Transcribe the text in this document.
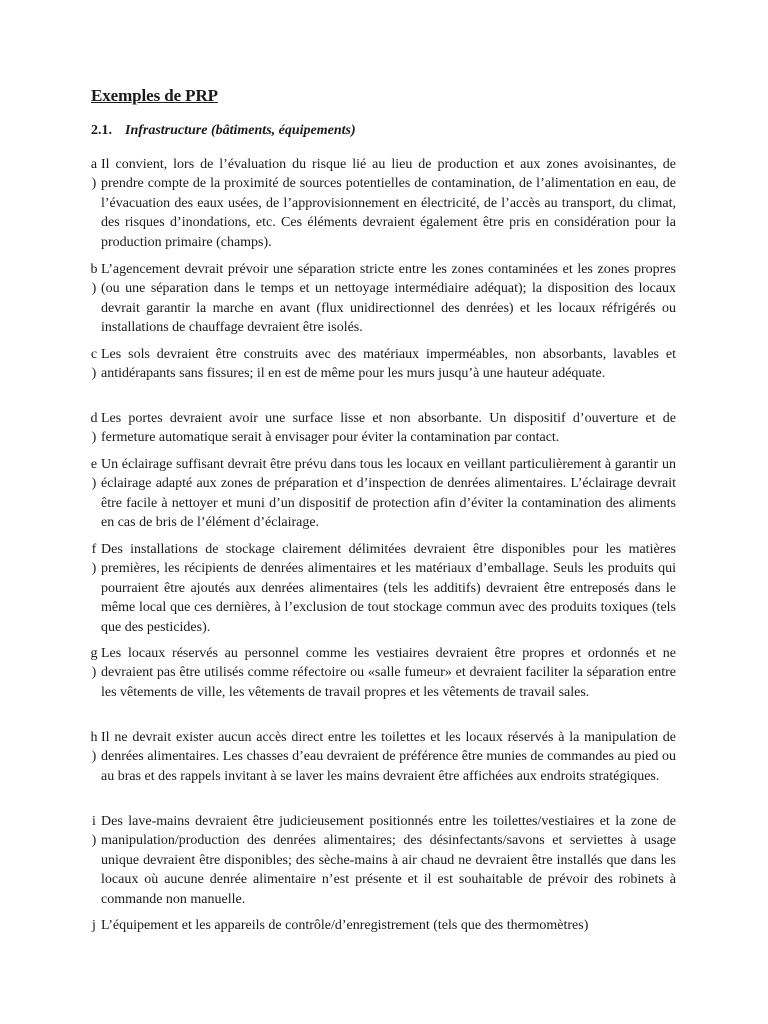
Exemples de PRP
2.1. Infrastructure (bâtiments, équipements)
a
)
Il convient, lors de l’évaluation du risque lié au lieu de production et aux zones avoisinantes, de prendre compte de la proximité de sources potentielles de contamination, de l’alimentation en eau, de l’évacuation des eaux usées, de l’approvisionnement en électricité, de l’accès au transport, du climat, des risques d’inondations, etc. Ces éléments devraient également être pris en considération pour la production primaire (champs).
b
)
L’agencement devrait prévoir une séparation stricte entre les zones contaminées et les zones propres (ou une séparation dans le temps et un nettoyage intermédiaire adéquat); la disposition des locaux devrait garantir la marche en avant (flux unidirectionnel des denrées) et les locaux réfrigérés ou installations de chauffage devraient être isolés.
c
)
Les sols devraient être construits avec des matériaux imperméables, non absorbants, lavables et antidérapants sans fissures; il en est de même pour les murs jusqu’à une hauteur adéquate.
d
)
Les portes devraient avoir une surface lisse et non absorbante. Un dispositif d’ouverture et de fermeture automatique serait à envisager pour éviter la contamination par contact.
e
)
Un éclairage suffisant devrait être prévu dans tous les locaux en veillant particulièrement à garantir un éclairage adapté aux zones de préparation et d’inspection de denrées alimentaires. L’éclairage devrait être facile à nettoyer et muni d’un dispositif de protection afin d’éviter la contamination des aliments en cas de bris de l’élément d’éclairage.
f
)
Des installations de stockage clairement délimitées devraient être disponibles pour les matières premières, les récipients de denrées alimentaires et les matériaux d’emballage. Seuls les produits qui pourraient être ajoutés aux denrées alimentaires (tels les additifs) devraient être entreposés dans le même local que ces dernières, à l’exclusion de tout stockage commun avec des produits toxiques (tels que des pesticides).
g
)
Les locaux réservés au personnel comme les vestiaires devraient être propres et ordonnés et ne devraient pas être utilisés comme réfectoire ou «salle fumeur» et devraient faciliter la séparation entre les vêtements de ville, les vêtements de travail propres et les vêtements de travail sales.
h
)
Il ne devrait exister aucun accès direct entre les toilettes et les locaux réservés à la manipulation de denrées alimentaires. Les chasses d’eau devraient de préférence être munies de commandes au pied ou au bras et des rappels invitant à se laver les mains devraient être affichées aux endroits stratégiques.
i
)
Des lave-mains devraient être judicieusement positionnés entre les toilettes/vestiaires et la zone de manipulation/production des denrées alimentaires; des désinfectants/savons et serviettes à usage unique devraient être disponibles; des sèche-mains à air chaud ne devraient être installés que dans les locaux où aucune denrée alimentaire n’est présente et il est souhaitable de prévoir des robinets à commande non manuelle.
j L’équipement et les appareils de contrôle/d’enregistrement (tels que des thermomètres)
